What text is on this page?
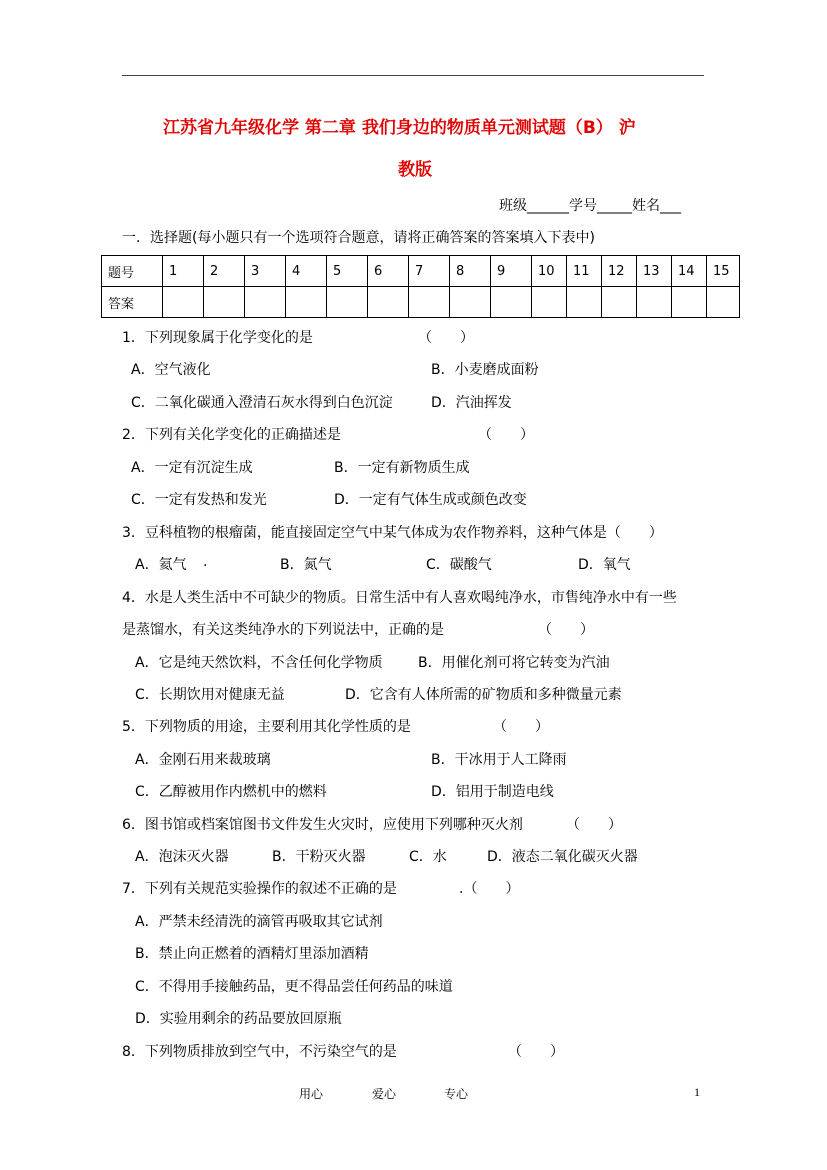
江苏省九年级化学 第二章 我们身边的物质单元测试题（B） 沪
教版
班级______学号_____姓名___
一．选择题(每小题只有一个选项符合题意，请将正确答案的答案填入下表中)
题号	1	2	3	4	5	6	7	8	9	10	11	12	13	14	15
答案															
1．下列现象属于化学变化的是	（　　）
A．空气液化	B．小麦磨成面粉
C．二氧化碳通入澄清石灰水得到白色沉淀	D．汽油挥发
2．下列有关化学变化的正确描述是	（　　）
A．一定有沉淀生成	B．一定有新物质生成
C．一定有发热和发光	D．一定有气体生成或颜色改变
3．豆科植物的根瘤菌，能直接固定空气中某气体成为农作物养料，这种气体是（　　）
A．氦气 .	B．氮气	C．碳酸气	D．氧气
4．水是人类生活中不可缺少的物质。日常生活中有人喜欢喝纯净水，市售纯净水中有一些
是蒸馏水，有关这类纯净水的下列说法中，正确的是	（　　）
A．它是纯天然饮料，不含任何化学物质	B．用催化剂可将它转变为汽油
C．长期饮用对健康无益	D．它含有人体所需的矿物质和多种微量元素
5．下列物质的用途，主要利用其化学性质的是	（　　）
A．金刚石用来裁玻璃	B．干冰用于人工降雨
C．乙醇被用作内燃机中的燃料	D．铝用于制造电线
6．图书馆或档案馆图书文件发生火灾时，应使用下列哪种灭火剂	（　　）
A．泡沫灭火器	B．干粉灭火器	C．水	D．液态二氧化碳灭火器
7．下列有关规范实验操作的叙述不正确的是	.（　　）
A．严禁未经清洗的滴管再吸取其它试剂
B．禁止向正燃着的酒精灯里添加酒精
C．不得用手接触药品，更不得品尝任何药品的味道
D．实验用剩余的药品要放回原瓶
8．下列物质排放到空气中，不污染空气的是	（　　）
用心	爱心	专心	1
